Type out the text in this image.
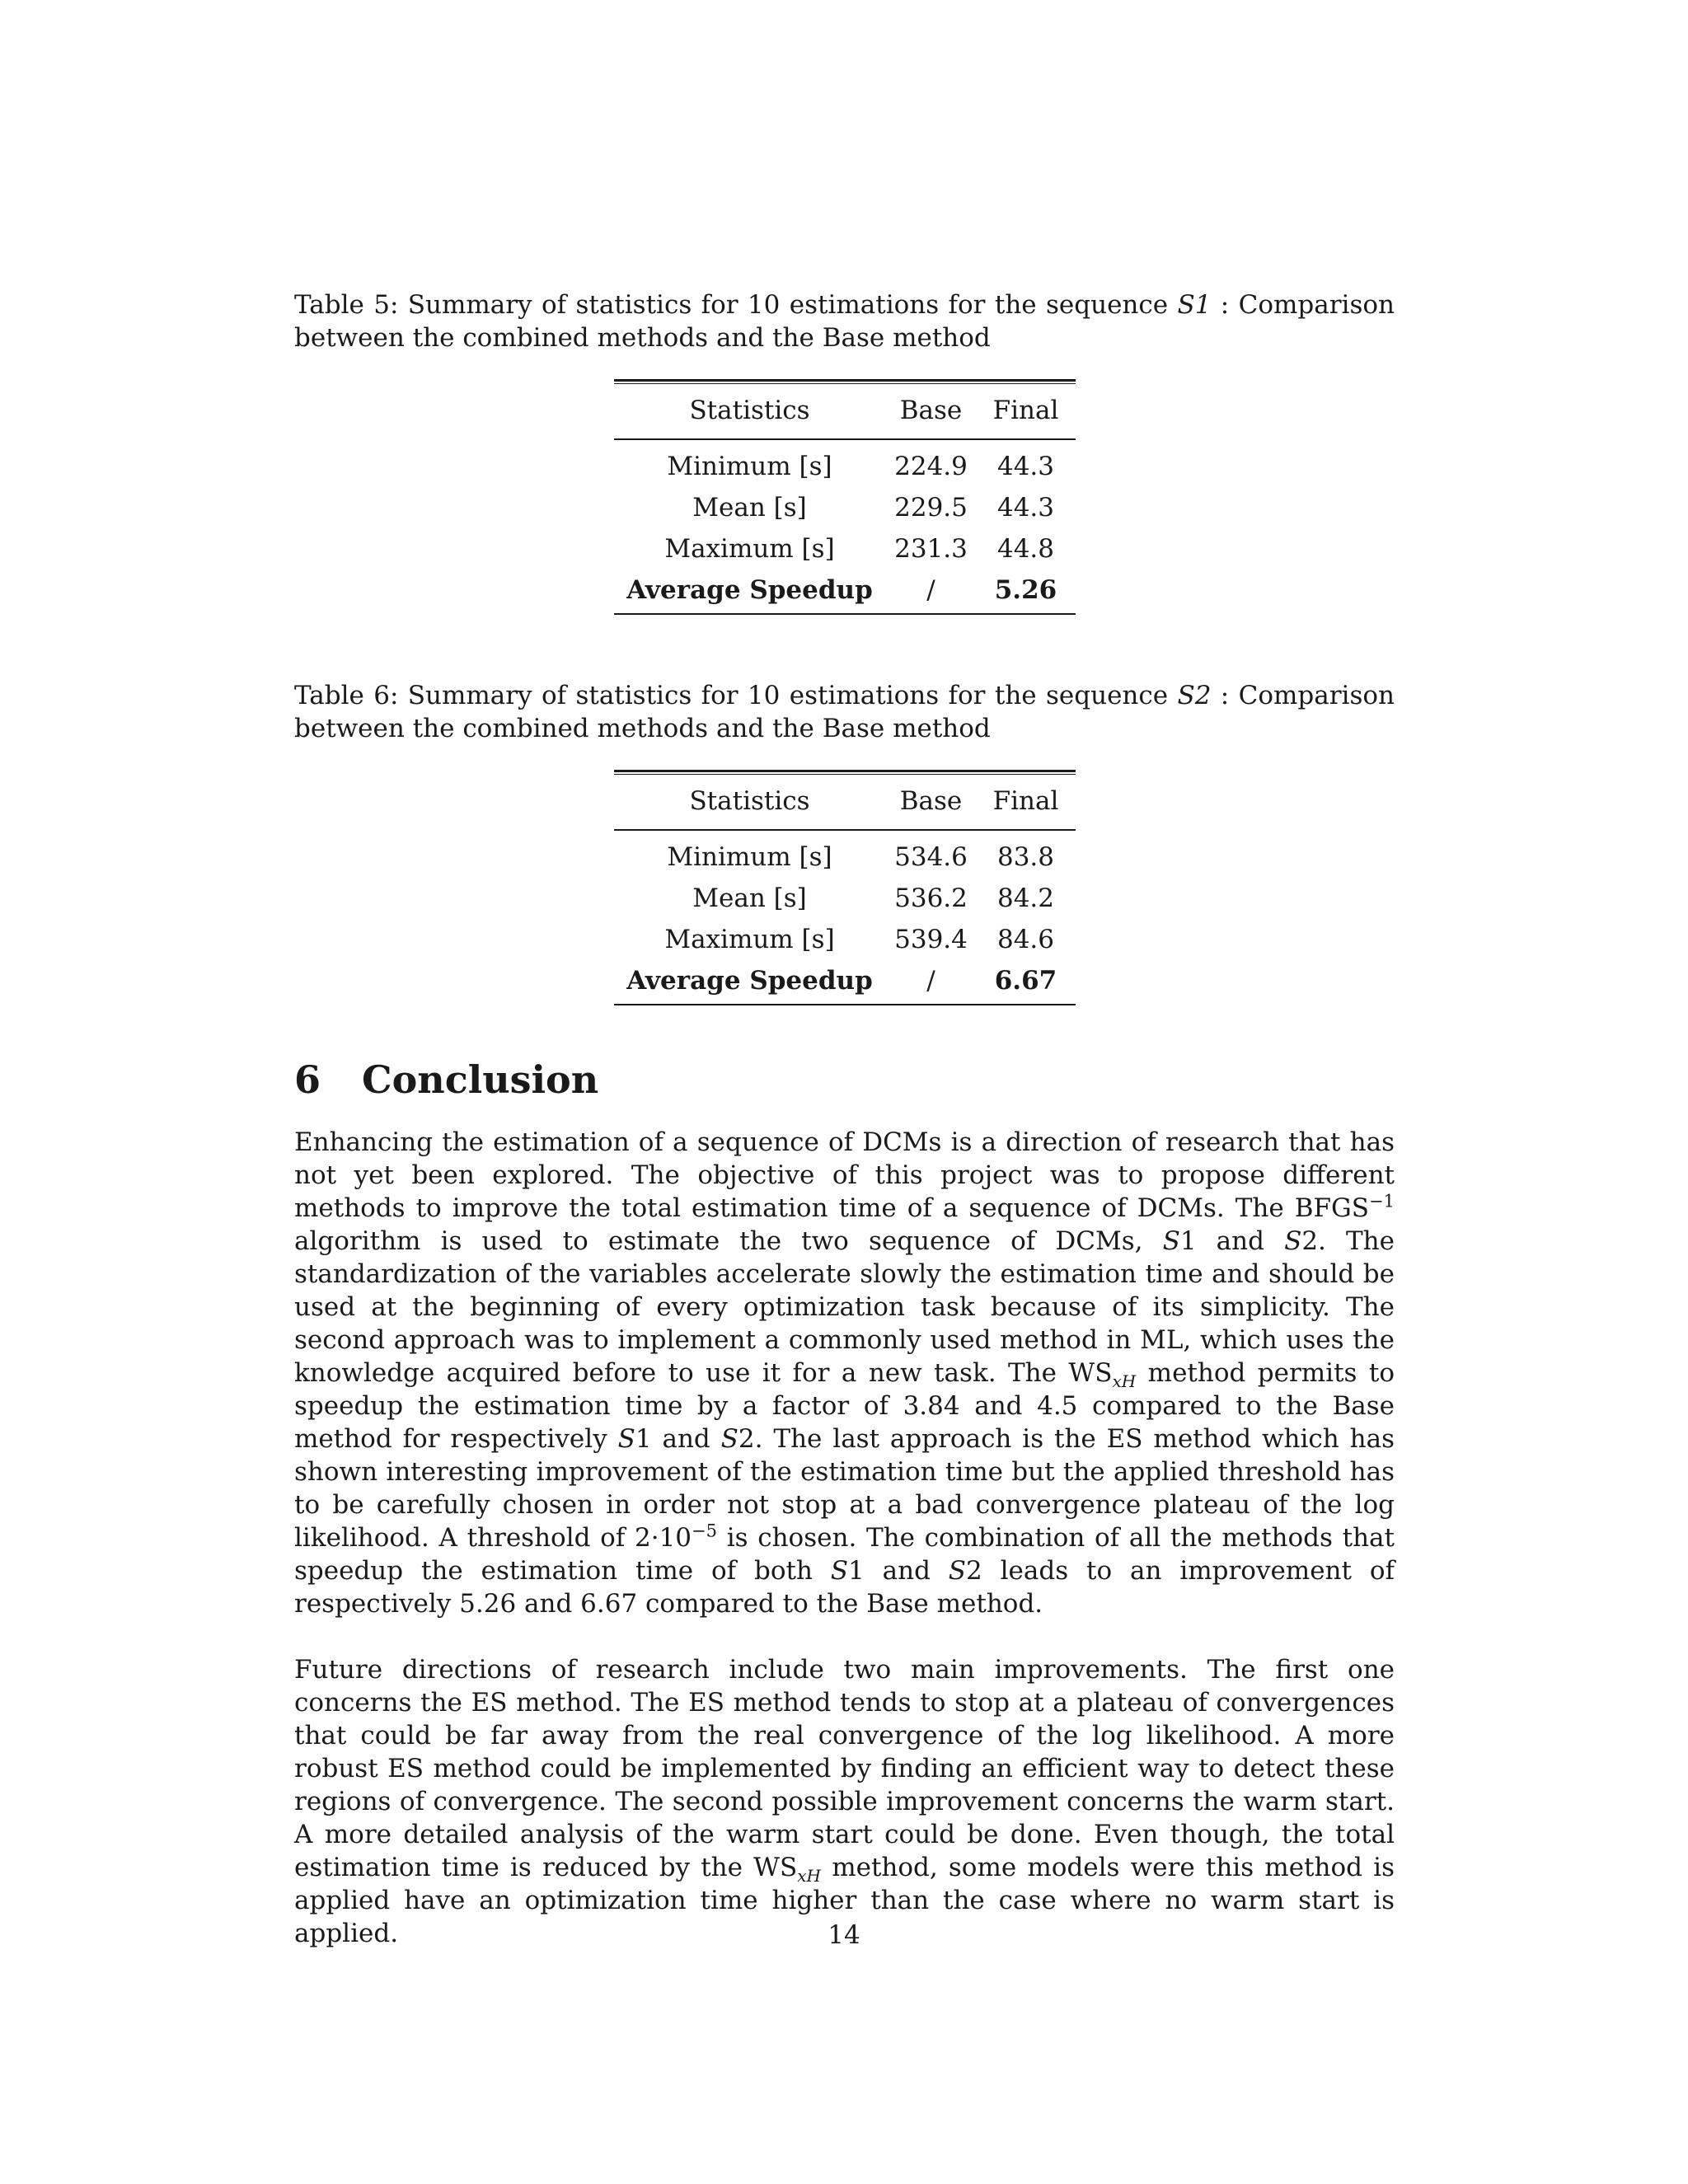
Table 5: Summary of statistics for 10 estimations for the sequence S1 : Comparison between the combined methods and the Base method

Statistics	Base	Final
Minimum [s]	224.9	44.3
Mean [s]	229.5	44.3
Maximum [s]	231.3	44.8
Average Speedup	/	5.26

Table 6: Summary of statistics for 10 estimations for the sequence S2 : Comparison between the combined methods and the Base method

Statistics	Base	Final
Minimum [s]	534.6	83.8
Mean [s]	536.2	84.2
Maximum [s]	539.4	84.6
Average Speedup	/	6.67
6 Conclusion

Enhancing the estimation of a sequence of DCMs is a direction of research that has not yet been explored. The objective of this project was to propose different methods to improve the total estimation time of a sequence of DCMs. The $BFGS^{-1}$ algorithm is used to estimate the two sequence of DCMs, S1 and S2. The standardization of the variables accelerate slowly the estimation time and should be used at the beginning of every optimization task because of its simplicity. The second approach was to implement a commonly used method in ML, which uses the knowledge acquired before to use it for a new task. The $WS_{xH}$ method permits to speedup the estimation time by a factor of 3.84 and 4.5 compared to the Base method for respectively S1 and S2. The last approach is the ES method which has shown interesting improvement of the estimation time but the applied threshold has to be carefully chosen in order not stop at a bad convergence plateau of the log likelihood. A threshold of $2\cdot 10^{-5}$ is chosen. The combination of all the methods that speedup the estimation time of both S1 and S2 leads to an improvement of respectively 5.26 and 6.67 compared to the Base method.

Future directions of research include two main improvements. The first one concerns the ES method. The ES method tends to stop at a plateau of convergences that could be far away from the real convergence of the log likelihood. A more robust ES method could be implemented by finding an efficient way to detect these regions of convergence. The second possible improvement concerns the warm start. A more detailed analysis of the warm start could be done. Even though, the total estimation time is reduced by the $WS_{xH}$ method, some models were this method is applied have an optimization time higher than the case where no warm start is applied.	14
